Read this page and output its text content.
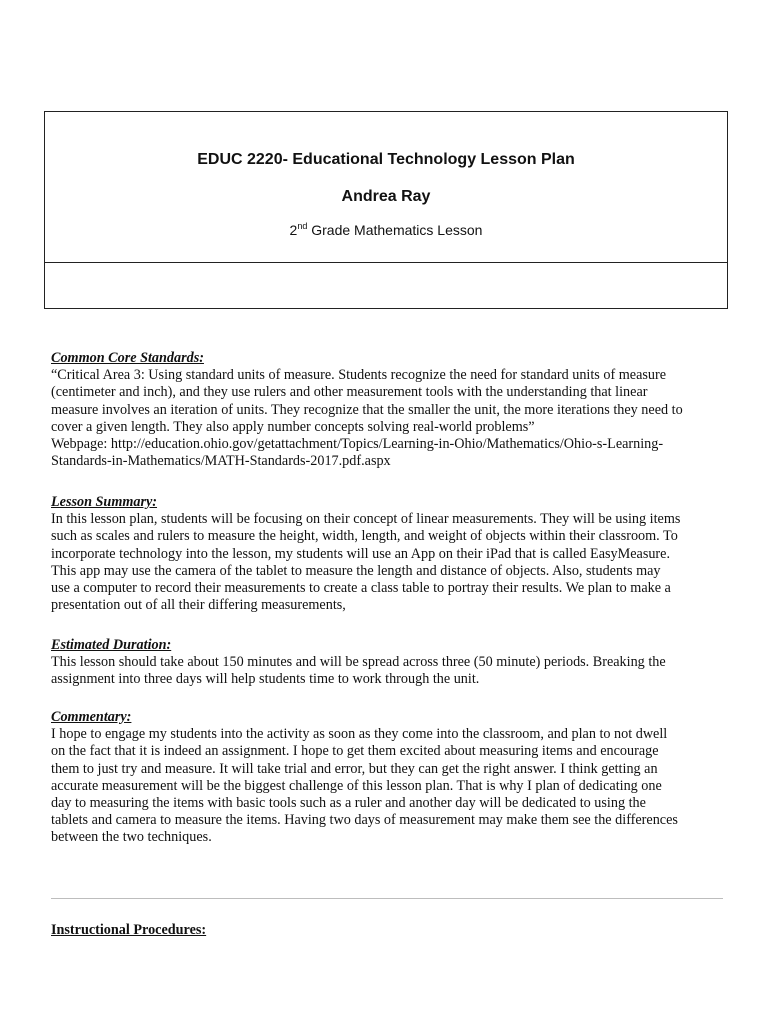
EDUC 2220- Educational Technology Lesson Plan
Andrea Ray
2nd Grade Mathematics Lesson
Common Core Standards:
“Critical Area 3: Using standard units of measure. Students recognize the need for standard units of measure
(centimeter and inch), and they use rulers and other measurement tools with the understanding that linear
measure involves an iteration of units. They recognize that the smaller the unit, the more iterations they need to
cover a given length. They also apply number concepts solving real-world problems”
Webpage: http://education.ohio.gov/getattachment/Topics/Learning-in-Ohio/Mathematics/Ohio-s-Learning-
Standards-in-Mathematics/MATH-Standards-2017.pdf.aspx
Lesson Summary:
In this lesson plan, students will be focusing on their concept of linear measurements. They will be using items
such as scales and rulers to measure the height, width, length, and weight of objects within their classroom. To
incorporate technology into the lesson, my students will use an App on their iPad that is called EasyMeasure.
This app may use the camera of the tablet to measure the length and distance of objects. Also, students may
use a computer to record their measurements to create a class table to portray their results. We plan to make a
presentation out of all their differing measurements,
Estimated Duration:
This lesson should take about 150 minutes and will be spread across three (50 minute) periods. Breaking the
assignment into three days will help students time to work through the unit.
Commentary:
I hope to engage my students into the activity as soon as they come into the classroom, and plan to not dwell
on the fact that it is indeed an assignment. I hope to get them excited about measuring items and encourage
them to just try and measure. It will take trial and error, but they can get the right answer. I think getting an
accurate measurement will be the biggest challenge of this lesson plan. That is why I plan of dedicating one
day to measuring the items with basic tools such as a ruler and another day will be dedicated to using the
tablets and camera to measure the items. Having two days of measurement may make them see the differences
between the two techniques.
Instructional Procedures:
